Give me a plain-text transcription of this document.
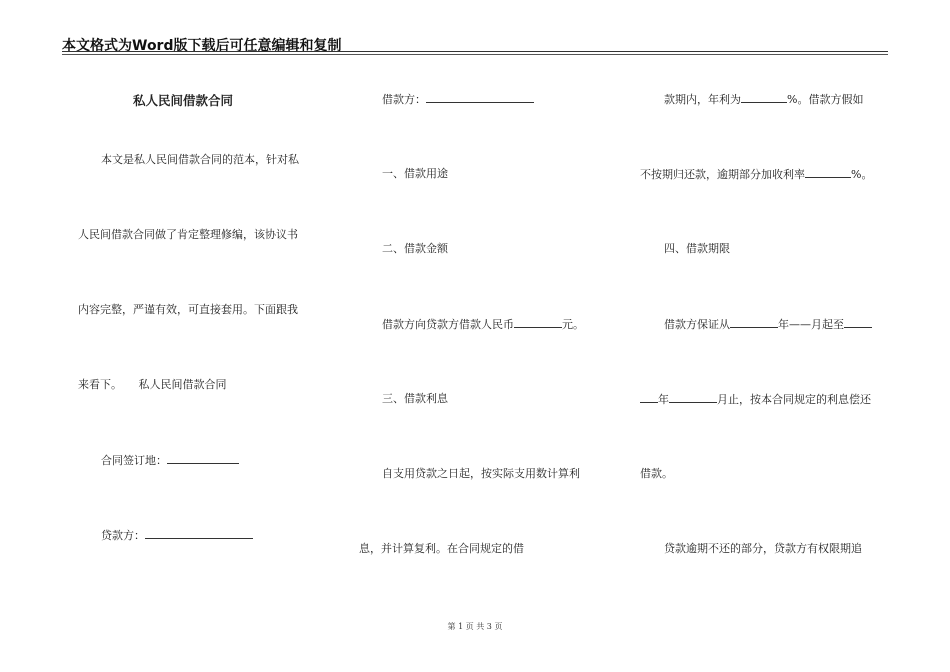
本文格式为Word版下载后可任意编辑和复制
私人民间借款合同
本文是私人民间借款合同的范本，针对私
人民间借款合同做了肯定整理修编，该协议书
内容完整，严谨有效，可直接套用。下面跟我
来看下。　　私人民间借款合同
合同签订地：
贷款方：
借款方：
一、借款用途
二、借款金额
借款方向贷款方借款人民币	元。
三、借款利息
自支用贷款之日起，按实际支用数计算利
息，并计算复利。在合同规定的借
款期内，年利为	%。借款方假如
不按期归还款，逾期部分加收利率	%。
四、借款期限
借款方保证从	年——月起至
年	月止，按本合同规定的利息偿还
借款。
贷款逾期不还的部分，贷款方有权限期追
第 1 页 共 3 页
